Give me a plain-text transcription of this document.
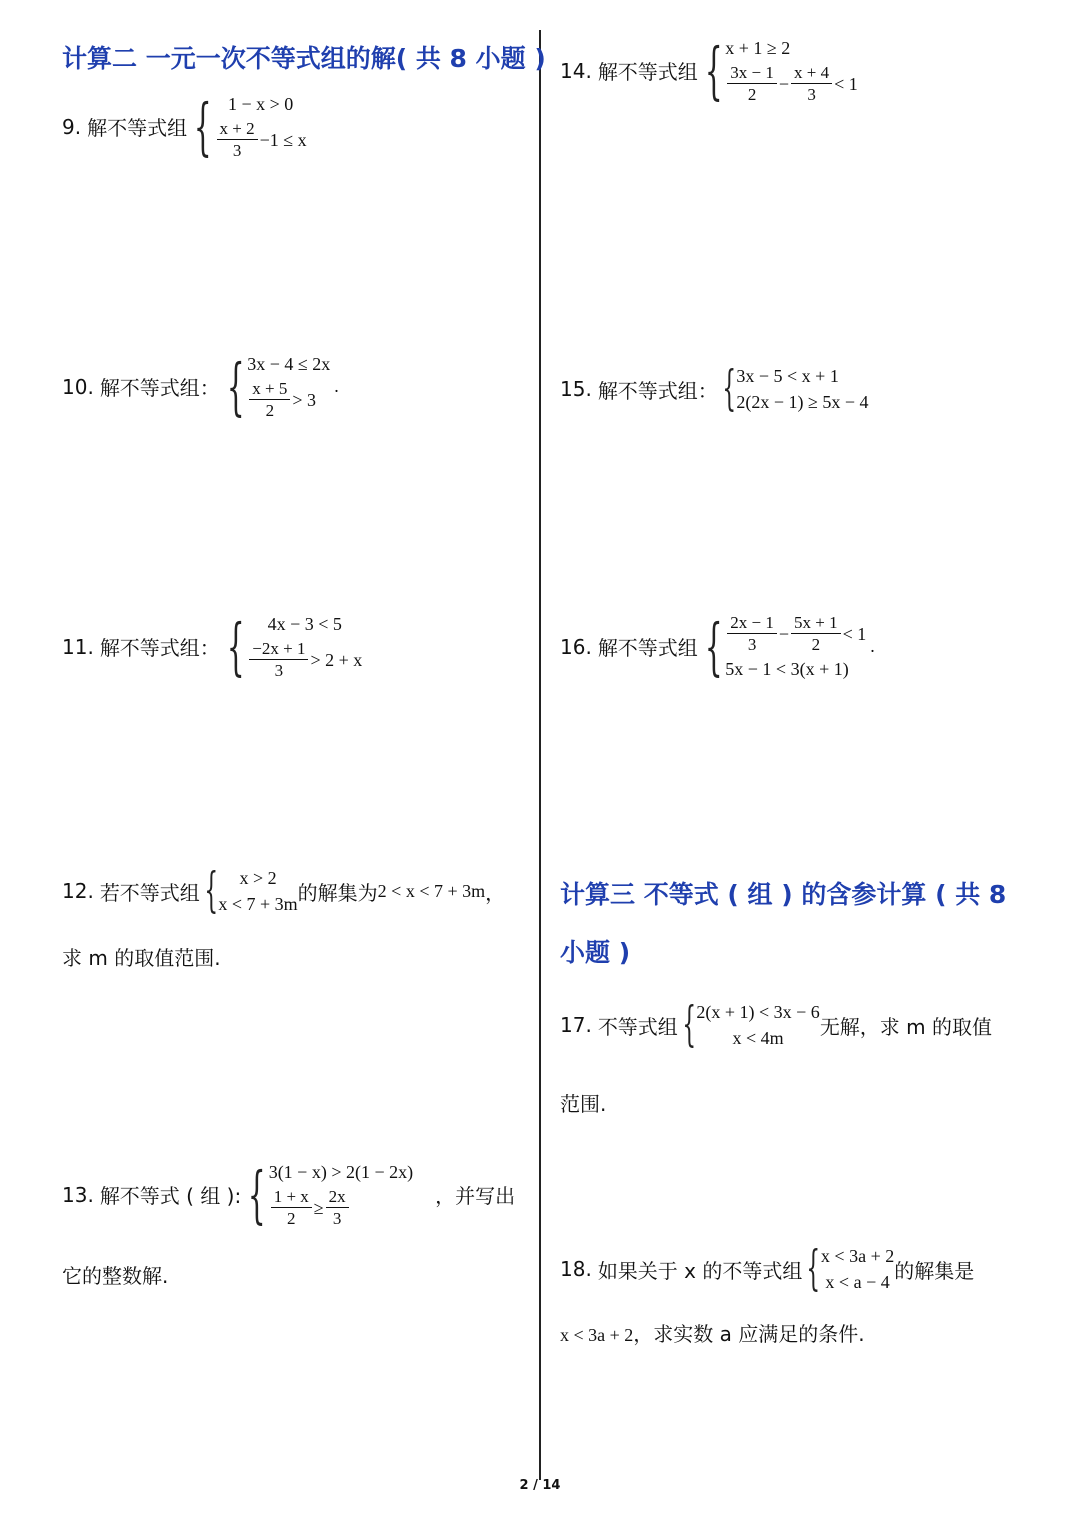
计算二 一元一次不等式组的解( 共 8 小题 )
9. 解不等式组 { 1 − x > 0
$\frac{x + 2}{3} -1 \le x$
10. 解不等式组： { 3x − 4 ≤ 2x
$\frac{x + 5}{2} > 3$
.
11. 解不等式组： {	4x − 3 < 5
$\frac{-2x + 1}{3} > 2 + x$
12. 若不等式组 {	x > 2
x < 7 + 3m 的解集为 2 < x < 7 + 3m ，
求 m 的取值范围.
13. 解不等式 ( 组 ): { 3(1 − x) > 2(1 − 2x)
$\frac{1 + x}{2} \ge \frac{2x}{3}$	，并写出
它的整数解.
14. 解不等式组 { x + 1 ≥ 2
$\frac{3x - 1}{2} - \frac{x + 4}{3} < 1$
15. 解不等式组： { 3x − 5 < x + 1
2(2x − 1) ≥ 5x − 4
16. 解不等式组 { $\frac{2x - 1}{3} - \frac{5x + 1}{2} < 1$
5x − 1 < 3(x + 1)
.
计算三 不等式 ( 组 ) 的含参计算 ( 共 8
小题 )
17. 不等式组 { 2(x + 1) < 3x − 6
x < 4m	无解，求 m 的取值
范围.
18. 如果关于 x 的不等式组 { x < 3a + 2
x < a − 4 的解集是
x < 3a + 2，求实数 a 应满足的条件.
2 / 14
